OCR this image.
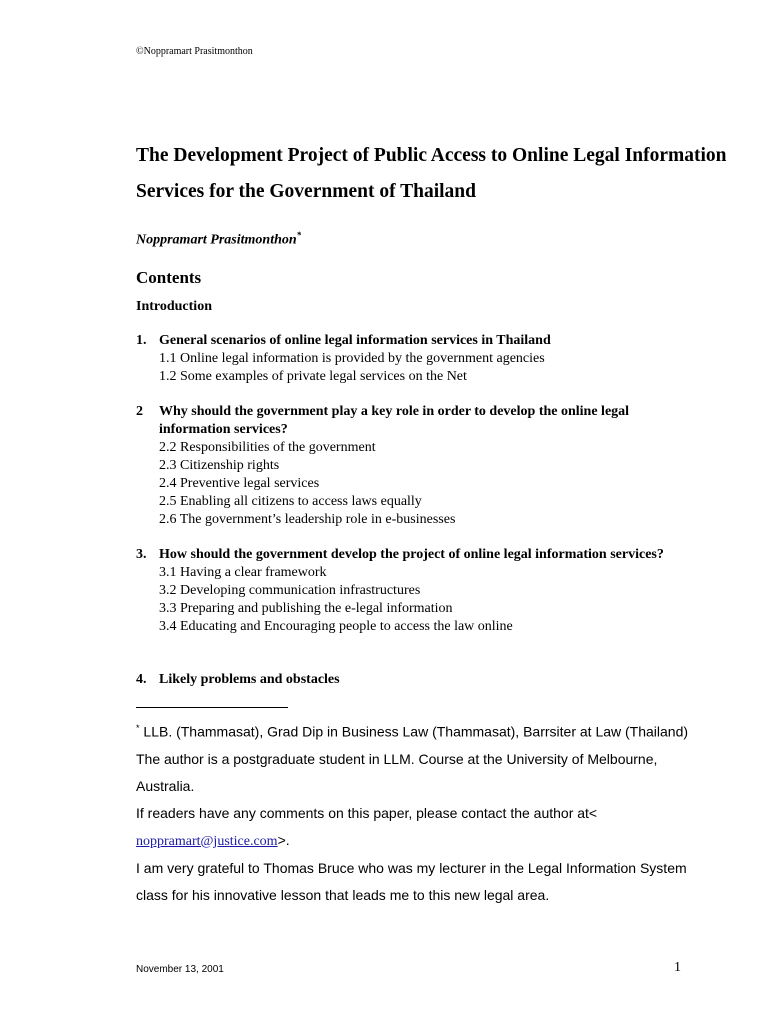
©Noppramart Prasitmonthon
The Development Project of Public Access to Online Legal Information Services for the Government of Thailand
Noppramart Prasitmonthon*
Contents
Introduction
1. General scenarios of online legal information services in Thailand
1.1 Online legal information is provided by the government agencies
1.2 Some examples of private legal services on the Net
2	Why should the government play a key role in order to develop the online legal information services?
2.2 Responsibilities of the government
2.3 Citizenship rights
2.4 Preventive legal services
2.5 Enabling all citizens to access laws equally
2.6 The government’s leadership role in e-businesses
3. How should the government develop the project of online legal information services?
3.1 Having a clear framework
3.2 Developing communication infrastructures
3.3 Preparing and publishing the e-legal information
3.4 Educating and Encouraging people to access the law online
4. Likely problems and obstacles

* LLB. (Thammasat), Grad Dip in Business Law (Thammasat), Barrsiter at Law (Thailand)

The author is a postgraduate student in LLM. Course at the University of Melbourne, Australia.

If readers have any comments on this paper, please contact the author at<
noppramart@justice.com>.

I am very grateful to Thomas Bruce who was my lecturer in the Legal Information System class for his innovative lesson that leads me to this new legal area.

November 13, 2001	1
